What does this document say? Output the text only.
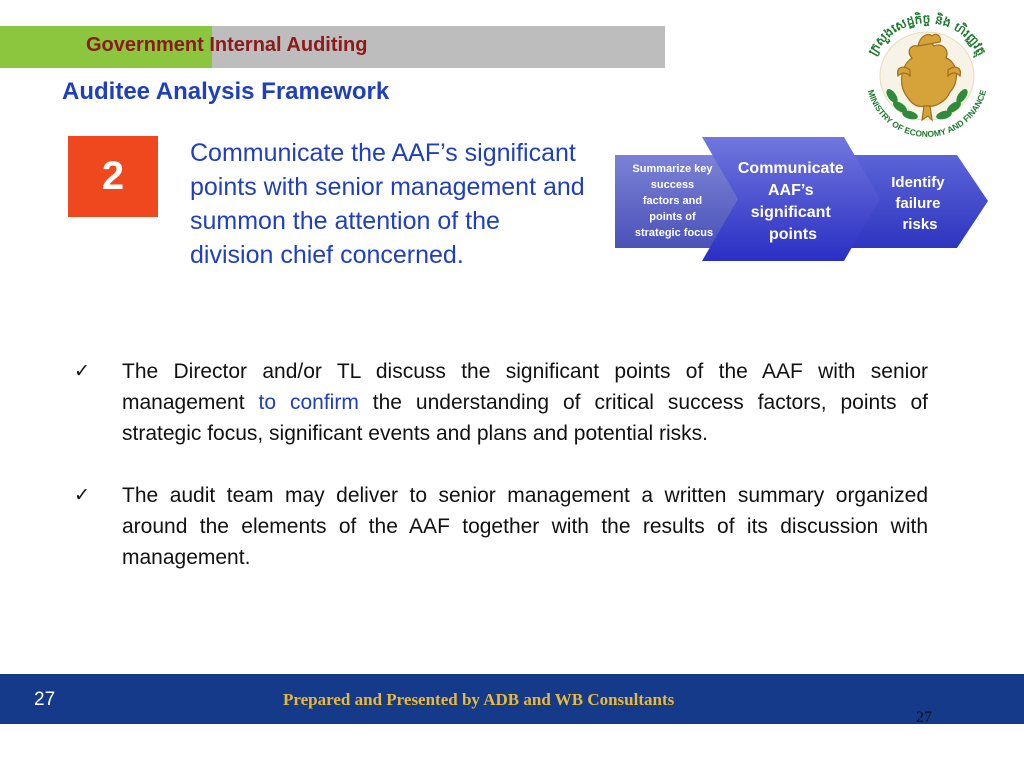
Government Internal Auditing
Auditee Analysis Framework
2
Communicate the AAF’s significant points with senior management and summon the attention of the division chief concerned.
Summarize key success factors and points of strategic focus
Communicate AAF’s significant points
Identify failure risks
ក្រសួងសេដ្ឋកិច្ច និង ហិរញ្ញវត្ថុ
MINISTRY OF ECONOMY AND FINANCE
✓ The Director and/or TL discuss the significant points of the AAF with senior management to confirm the understanding of critical success factors, points of strategic focus, significant events and plans and potential risks.
✓ The audit team may deliver to senior management a written summary organized around the elements of the AAF together with the results of its discussion with management.
27	Prepared and Presented by ADB and WB Consultants
27
